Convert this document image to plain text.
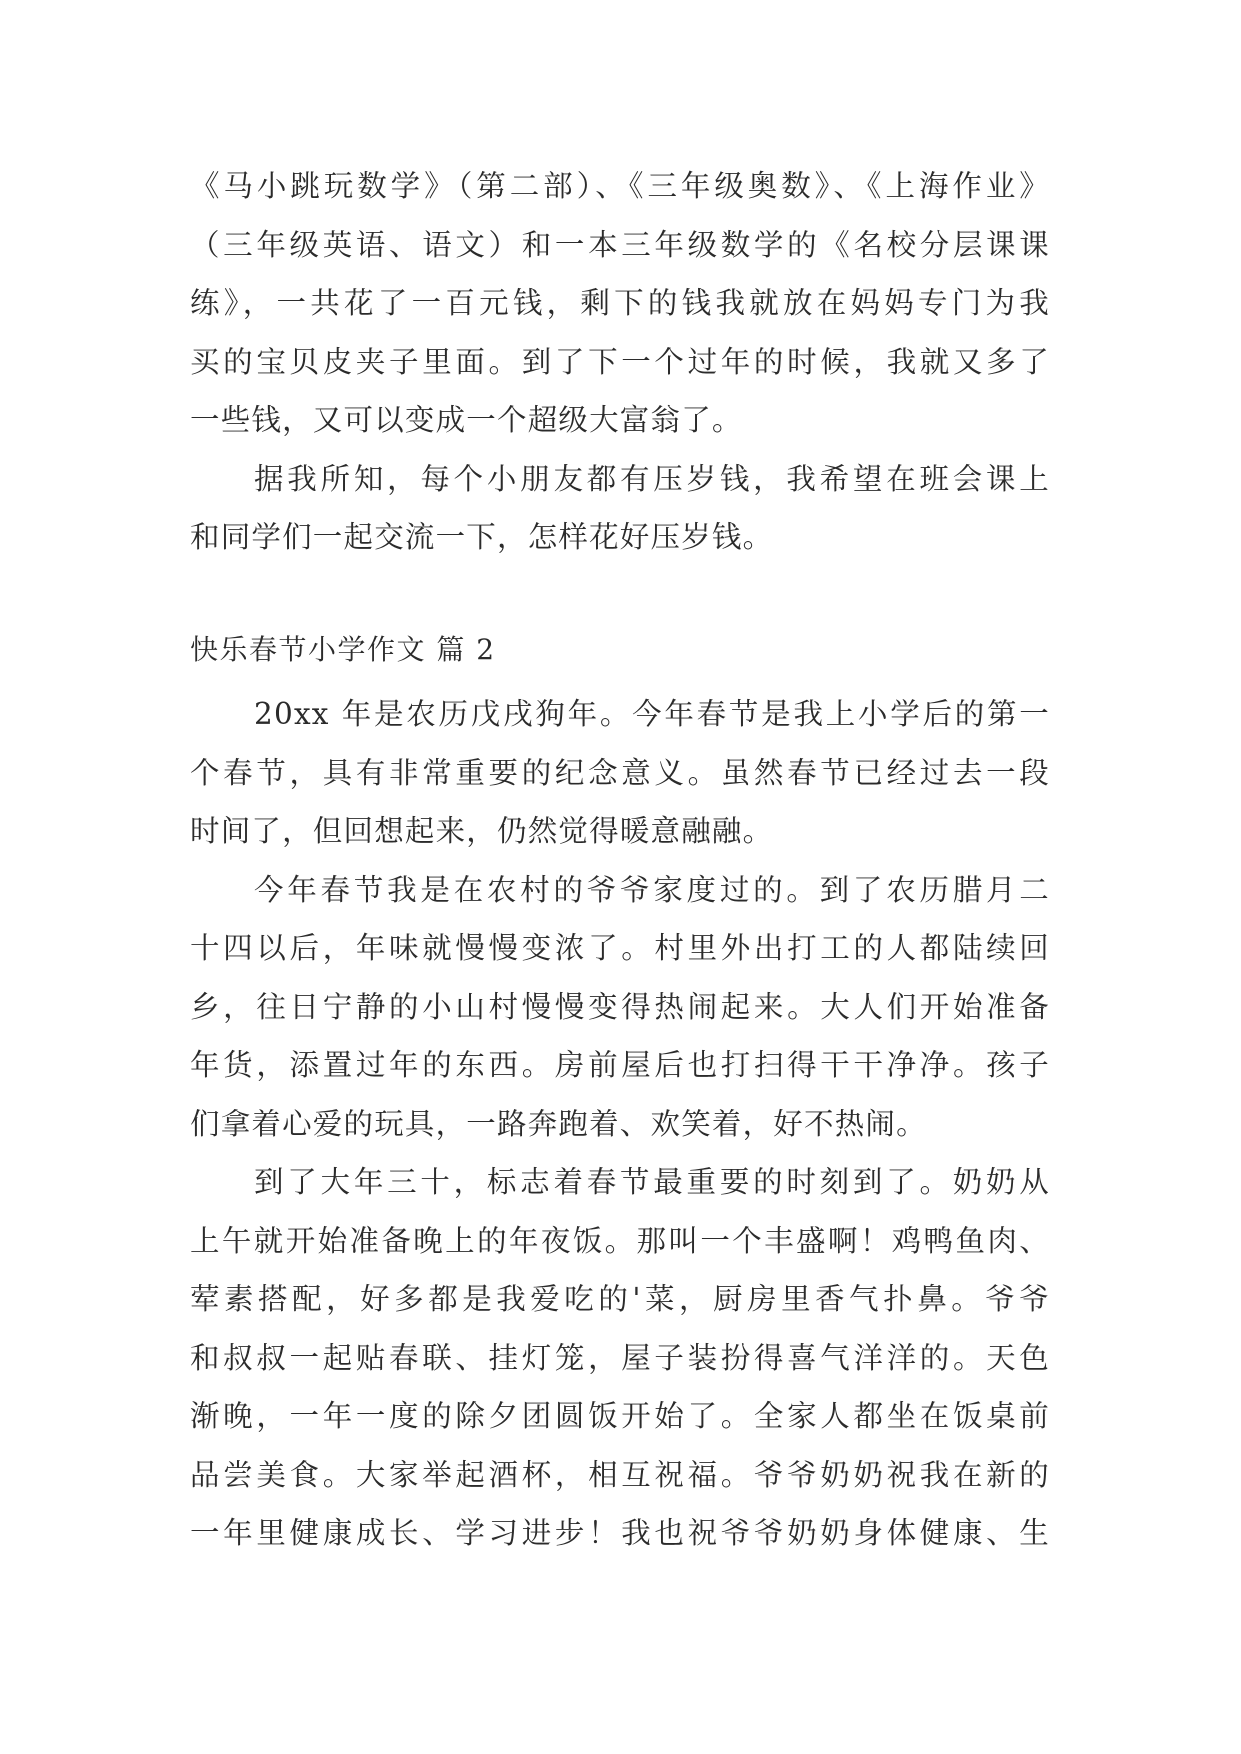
《马小跳玩数学》（第二部）、《三年级奥数》、《上海作业》
（三年级英语、语文）和一本三年级数学的《名校分层课课
练》，一共花了一百元钱，剩下的钱我就放在妈妈专门为我
买的宝贝皮夹子里面。到了下一个过年的时候，我就又多了
一些钱，又可以变成一个超级大富翁了。
据我所知，每个小朋友都有压岁钱，我希望在班会课上
和同学们一起交流一下，怎样花好压岁钱。
快乐春节小学作文 篇 2
20xx 年是农历戊戌狗年。今年春节是我上小学后的第一
个春节，具有非常重要的纪念意义。虽然春节已经过去一段
时间了，但回想起来，仍然觉得暖意融融。
今年春节我是在农村的爷爷家度过的。到了农历腊月二
十四以后，年味就慢慢变浓了。村里外出打工的人都陆续回
乡，往日宁静的小山村慢慢变得热闹起来。大人们开始准备
年货，添置过年的东西。房前屋后也打扫得干干净净。孩子
们拿着心爱的玩具，一路奔跑着、欢笑着，好不热闹。
到了大年三十，标志着春节最重要的时刻到了。奶奶从
上午就开始准备晚上的年夜饭。那叫一个丰盛啊！鸡鸭鱼肉、
荤素搭配，好多都是我爱吃的'菜，厨房里香气扑鼻。爷爷
和叔叔一起贴春联、挂灯笼，屋子装扮得喜气洋洋的。天色
渐晚，一年一度的除夕团圆饭开始了。全家人都坐在饭桌前
品尝美食。大家举起酒杯，相互祝福。爷爷奶奶祝我在新的
一年里健康成长、学习进步！我也祝爷爷奶奶身体健康、生
